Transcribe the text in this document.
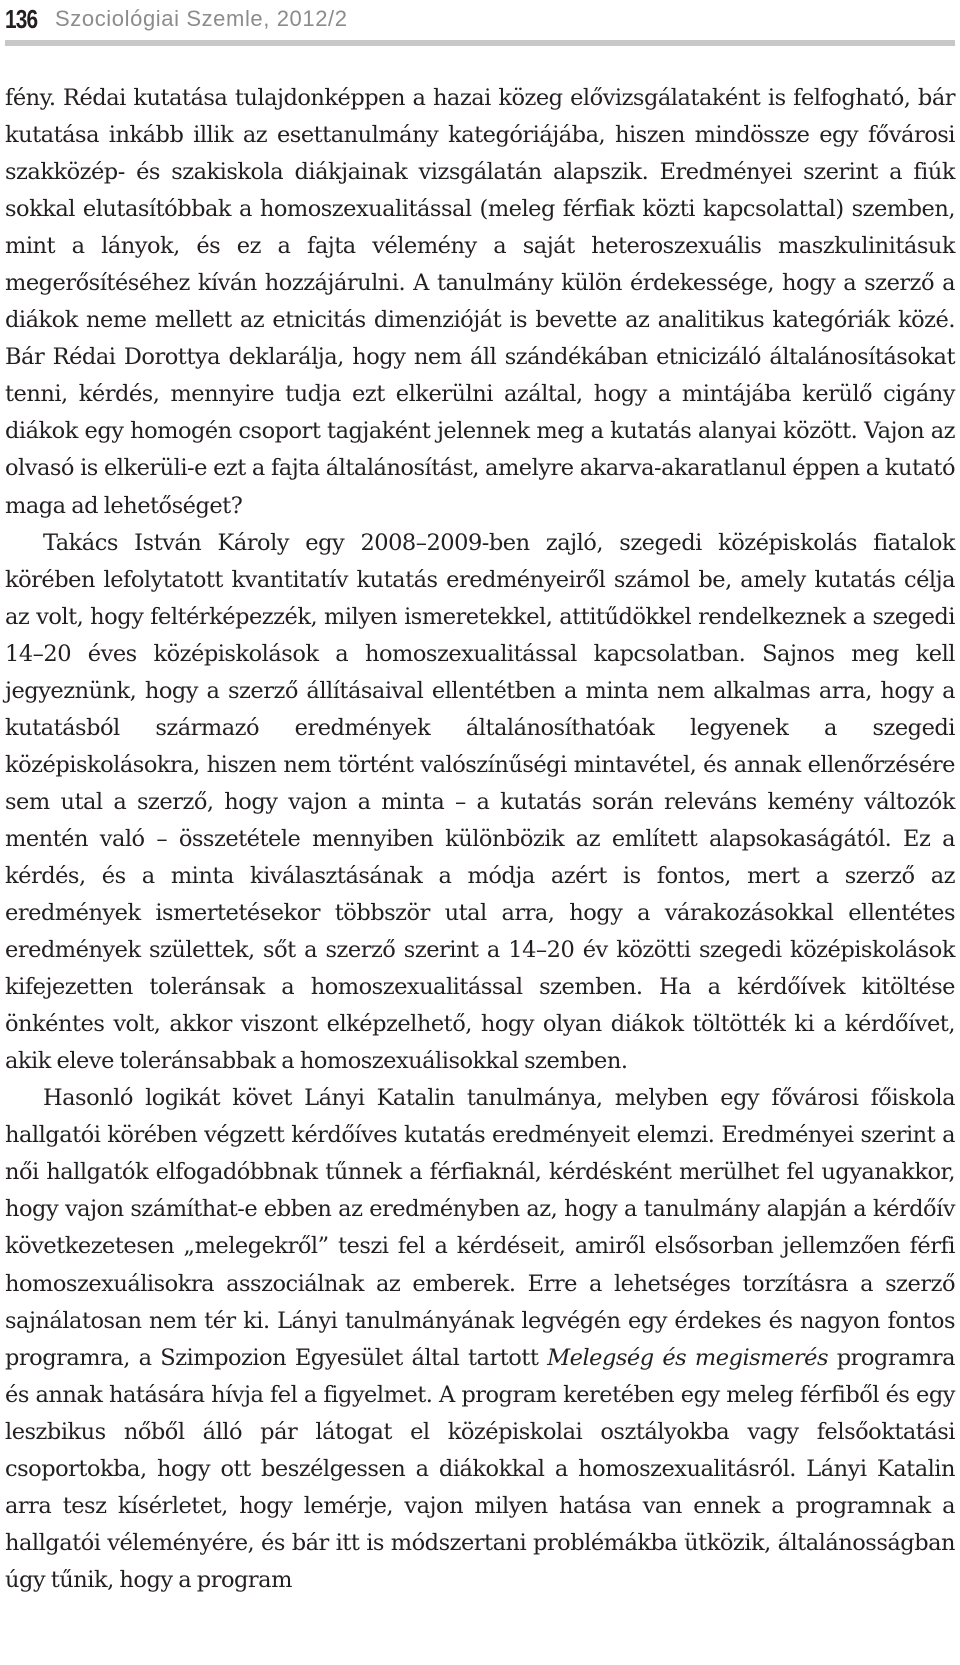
136 Szociológiai Szemle, 2012/2

fény. Rédai kutatása tulajdonképpen a hazai közeg elővizsgálataként is felfogható, bár kutatása inkább illik az esettanulmány kategóriájába, hiszen mindössze egy fővárosi szakközép- és szakiskola diákjainak vizsgálatán alapszik. Eredményei szerint a fiúk sokkal elutasítóbbak a homoszexualitással (meleg férfiak közti kapcsolattal) szemben, mint a lányok, és ez a fajta vélemény a saját heteroszexuális maszkulinitásuk megerősítéséhez kíván hozzájárulni. A tanulmány külön érdekessége, hogy a szerző a diákok neme mellett az etnicitás dimenzióját is bevette az analitikus kategóriák közé. Bár Rédai Dorottya deklarálja, hogy nem áll szándékában etnicizáló általánosításokat tenni, kérdés, mennyire tudja ezt elkerülni azáltal, hogy a mintájába kerülő cigány diákok egy homogén csoport tagjaként jelennek meg a kutatás alanyai között. Vajon az olvasó is elkerüli-e ezt a fajta általánosítást, amelyre akarva-akaratlanul éppen a kutató maga ad lehetőséget?

Takács István Károly egy 2008–2009-ben zajló, szegedi középiskolás fiatalok körében lefolytatott kvantitatív kutatás eredményeiről számol be, amely kutatás célja az volt, hogy feltérképezzék, milyen ismeretekkel, attitűdökkel rendelkeznek a szegedi 14–20 éves középiskolások a homoszexualitással kapcsolatban. Sajnos meg kell jegyeznünk, hogy a szerző állításaival ellentétben a minta nem alkalmas arra, hogy a kutatásból származó eredmények általánosíthatóak legyenek a szegedi középiskolásokra, hiszen nem történt valószínűségi mintavétel, és annak ellenőrzésére sem utal a szerző, hogy vajon a minta – a kutatás során releváns kemény változók mentén való – összetétele mennyiben különbözik az említett alapsokaságától. Ez a kérdés, és a minta kiválasztásának a módja azért is fontos, mert a szerző az eredmények ismertetésekor többször utal arra, hogy a várakozásokkal ellentétes eredmények születtek, sőt a szerző szerint a 14–20 év közötti szegedi középiskolások kifejezetten toleránsak a homoszexualitással szemben. Ha a kérdőívek kitöltése önkéntes volt, akkor viszont elképzelhető, hogy olyan diákok töltötték ki a kérdőívet, akik eleve toleránsabbak a homoszexuálisokkal szemben.

Hasonló logikát követ Lányi Katalin tanulmánya, melyben egy fővárosi főiskola hallgatói körében végzett kérdőíves kutatás eredményeit elemzi. Eredményei szerint a női hallgatók elfogadóbbnak tűnnek a férfiaknál, kérdésként merülhet fel ugyanakkor, hogy vajon számíthat-e ebben az eredményben az, hogy a tanulmány alapján a kérdőív következetesen „melegekről” teszi fel a kérdéseit, amiről elsősorban jellemzően férfi homoszexuálisokra asszociálnak az emberek. Erre a lehetséges torzításra a szerző sajnálatosan nem tér ki. Lányi tanulmányának legvégén egy érdekes és nagyon fontos programra, a Szimpozion Egyesület által tartott Melegség és megismerés programra és annak hatására hívja fel a figyelmet. A program keretében egy meleg férfiből és egy leszbikus nőből álló pár látogat el középiskolai osztályokba vagy felsőoktatási csoportokba, hogy ott beszélgessen a diákokkal a homoszexualitásról. Lányi Katalin arra tesz kísérletet, hogy lemérje, vajon milyen hatása van ennek a programnak a hallgatói véleményére, és bár itt is módszertani problémákba ütközik, általánosságban úgy tűnik, hogy a program
